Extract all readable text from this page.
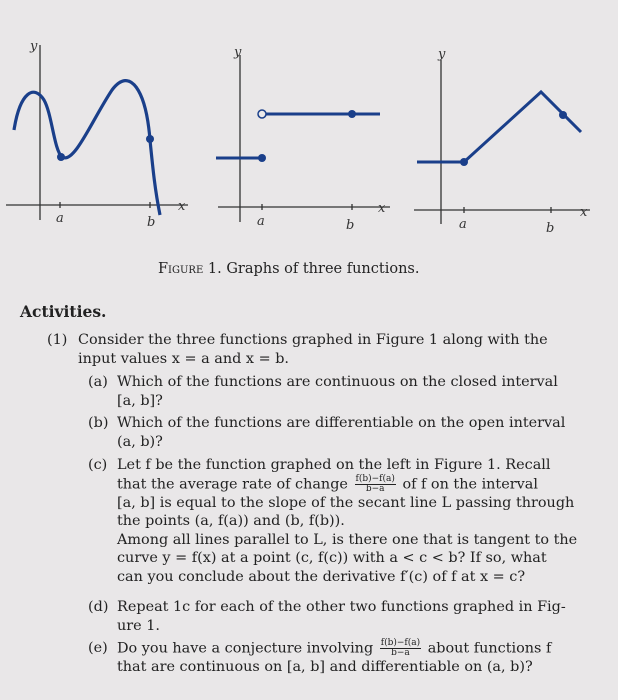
y
x
a	b
y
x
a	b
y
x
a	b
Figure 1. Graphs of three functions.
Activities.
(1) Consider the three functions graphed in Figure 1 along with the
input values x = a and x = b.
(a) Which of the functions are continuous on the closed interval
[a, b]?
(b) Which of the functions are differentiable on the open interval
(a, b)?
(c) Let f be the function graphed on the left in Figure 1. Recall
that the average rate of change $\frac{f(b)-f(a)}{b-a}$ of f on the interval
[a, b] is equal to the slope of the secant line L passing through
the points (a, f(a)) and (b, f(b)).
Among all lines parallel to L, is there one that is tangent to the
curve y = f(x) at a point (c, f(c)) with a < c < b? If so, what
can you conclude about the derivative f′(c) of f at x = c?
(d) Repeat 1c for each of the other two functions graphed in Fig-
ure 1.
(e) Do you have a conjecture involving $\frac{f(b)-f(a)}{b-a}$ about functions f
that are continuous on [a, b] and differentiable on (a, b)?
